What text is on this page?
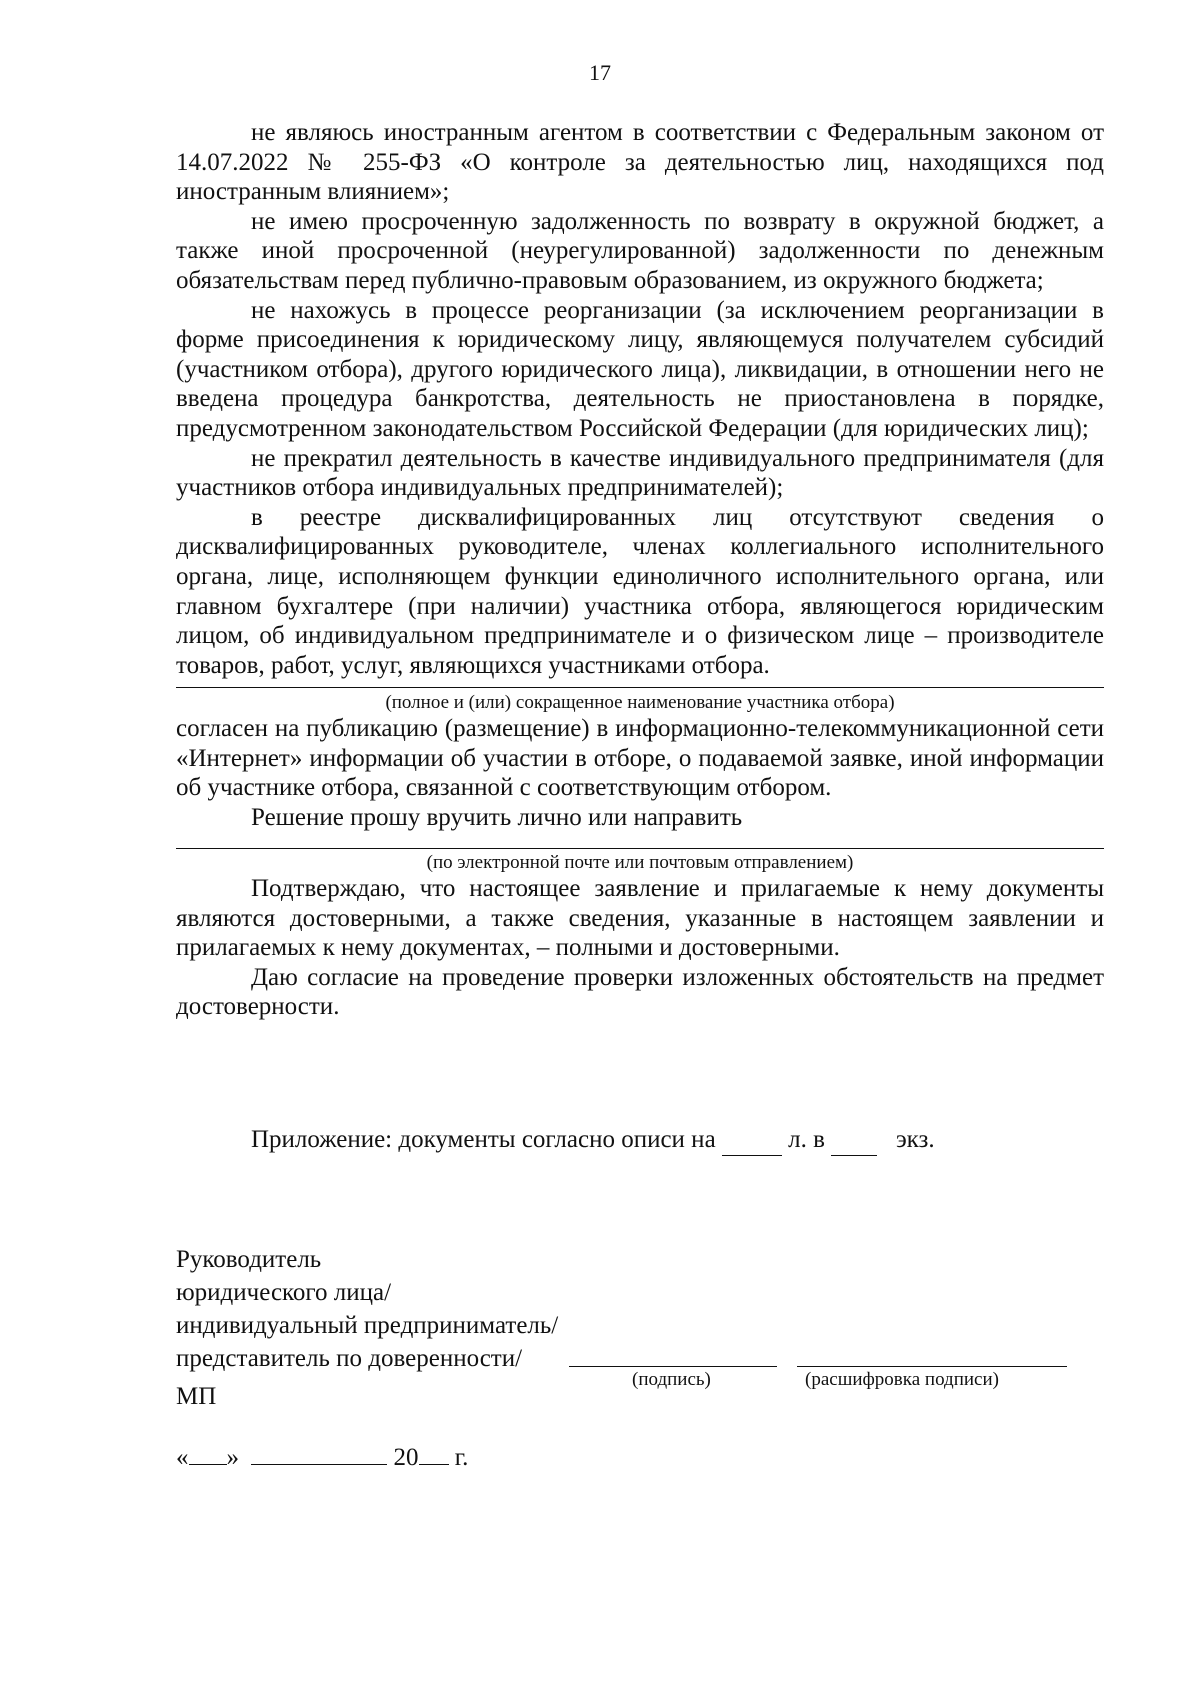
17

не являюсь иностранным агентом в соответствии с Федеральным законом от 14.07.2022 № 255-ФЗ «О контроле за деятельностью лиц, находящихся под иностранным влиянием»;

не имею просроченную задолженность по возврату в окружной бюджет, а также иной просроченной (неурегулированной) задолженности по денежным обязательствам перед публично-правовым образованием, из окружного бюджета;

не нахожусь в процессе реорганизации (за исключением реорганизации в форме присоединения к юридическому лицу, являющемуся получателем субсидий (участником отбора), другого юридического лица), ликвидации, в отношении него не введена процедура банкротства, деятельность не приостановлена в порядке, предусмотренном законодательством Российской Федерации (для юридических лиц);

не прекратил деятельность в качестве индивидуального предпринимателя (для участников отбора индивидуальных предпринимателей);

в реестре дисквалифицированных лиц отсутствуют сведения о дисквалифицированных руководителе, членах коллегиального исполнительного органа, лице, исполняющем функции единоличного исполнительного органа, или главном бухгалтере (при наличии) участника отбора, являющегося юридическим лицом, об индивидуальном предпринимателе и о физическом лице – производителе товаров, работ, услуг, являющихся участниками отбора.

(полное и (или) сокращенное наименование участника отбора)

согласен на публикацию (размещение) в информационно-телекоммуникационной сети «Интернет» информации об участии в отборе, о подаваемой заявке, иной информации об участнике отбора, связанной с соответствующим отбором.

Решение прошу вручить лично или направить

(по электронной почте или почтовым отправлением)

Подтверждаю, что настоящее заявление и прилагаемые к нему документы являются достоверными, а также сведения, указанные в настоящем заявлении и прилагаемых к нему документах, – полными и достоверными.

Даю согласие на проведение проверки изложенных обстоятельств на предмет достоверности.

Приложение: документы согласно описи на	л. в	экз.
Руководитель
юридического лица/
индивидуальный предприниматель/
представитель по доверенности/
(подпись)	(расшифровка подписи)
МП
« »	20 г.
